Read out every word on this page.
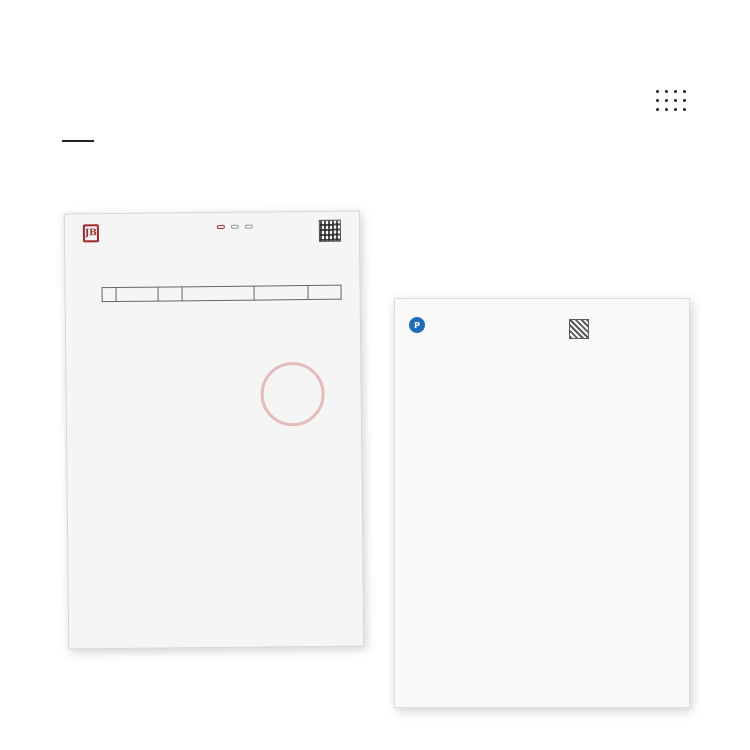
JB

P
